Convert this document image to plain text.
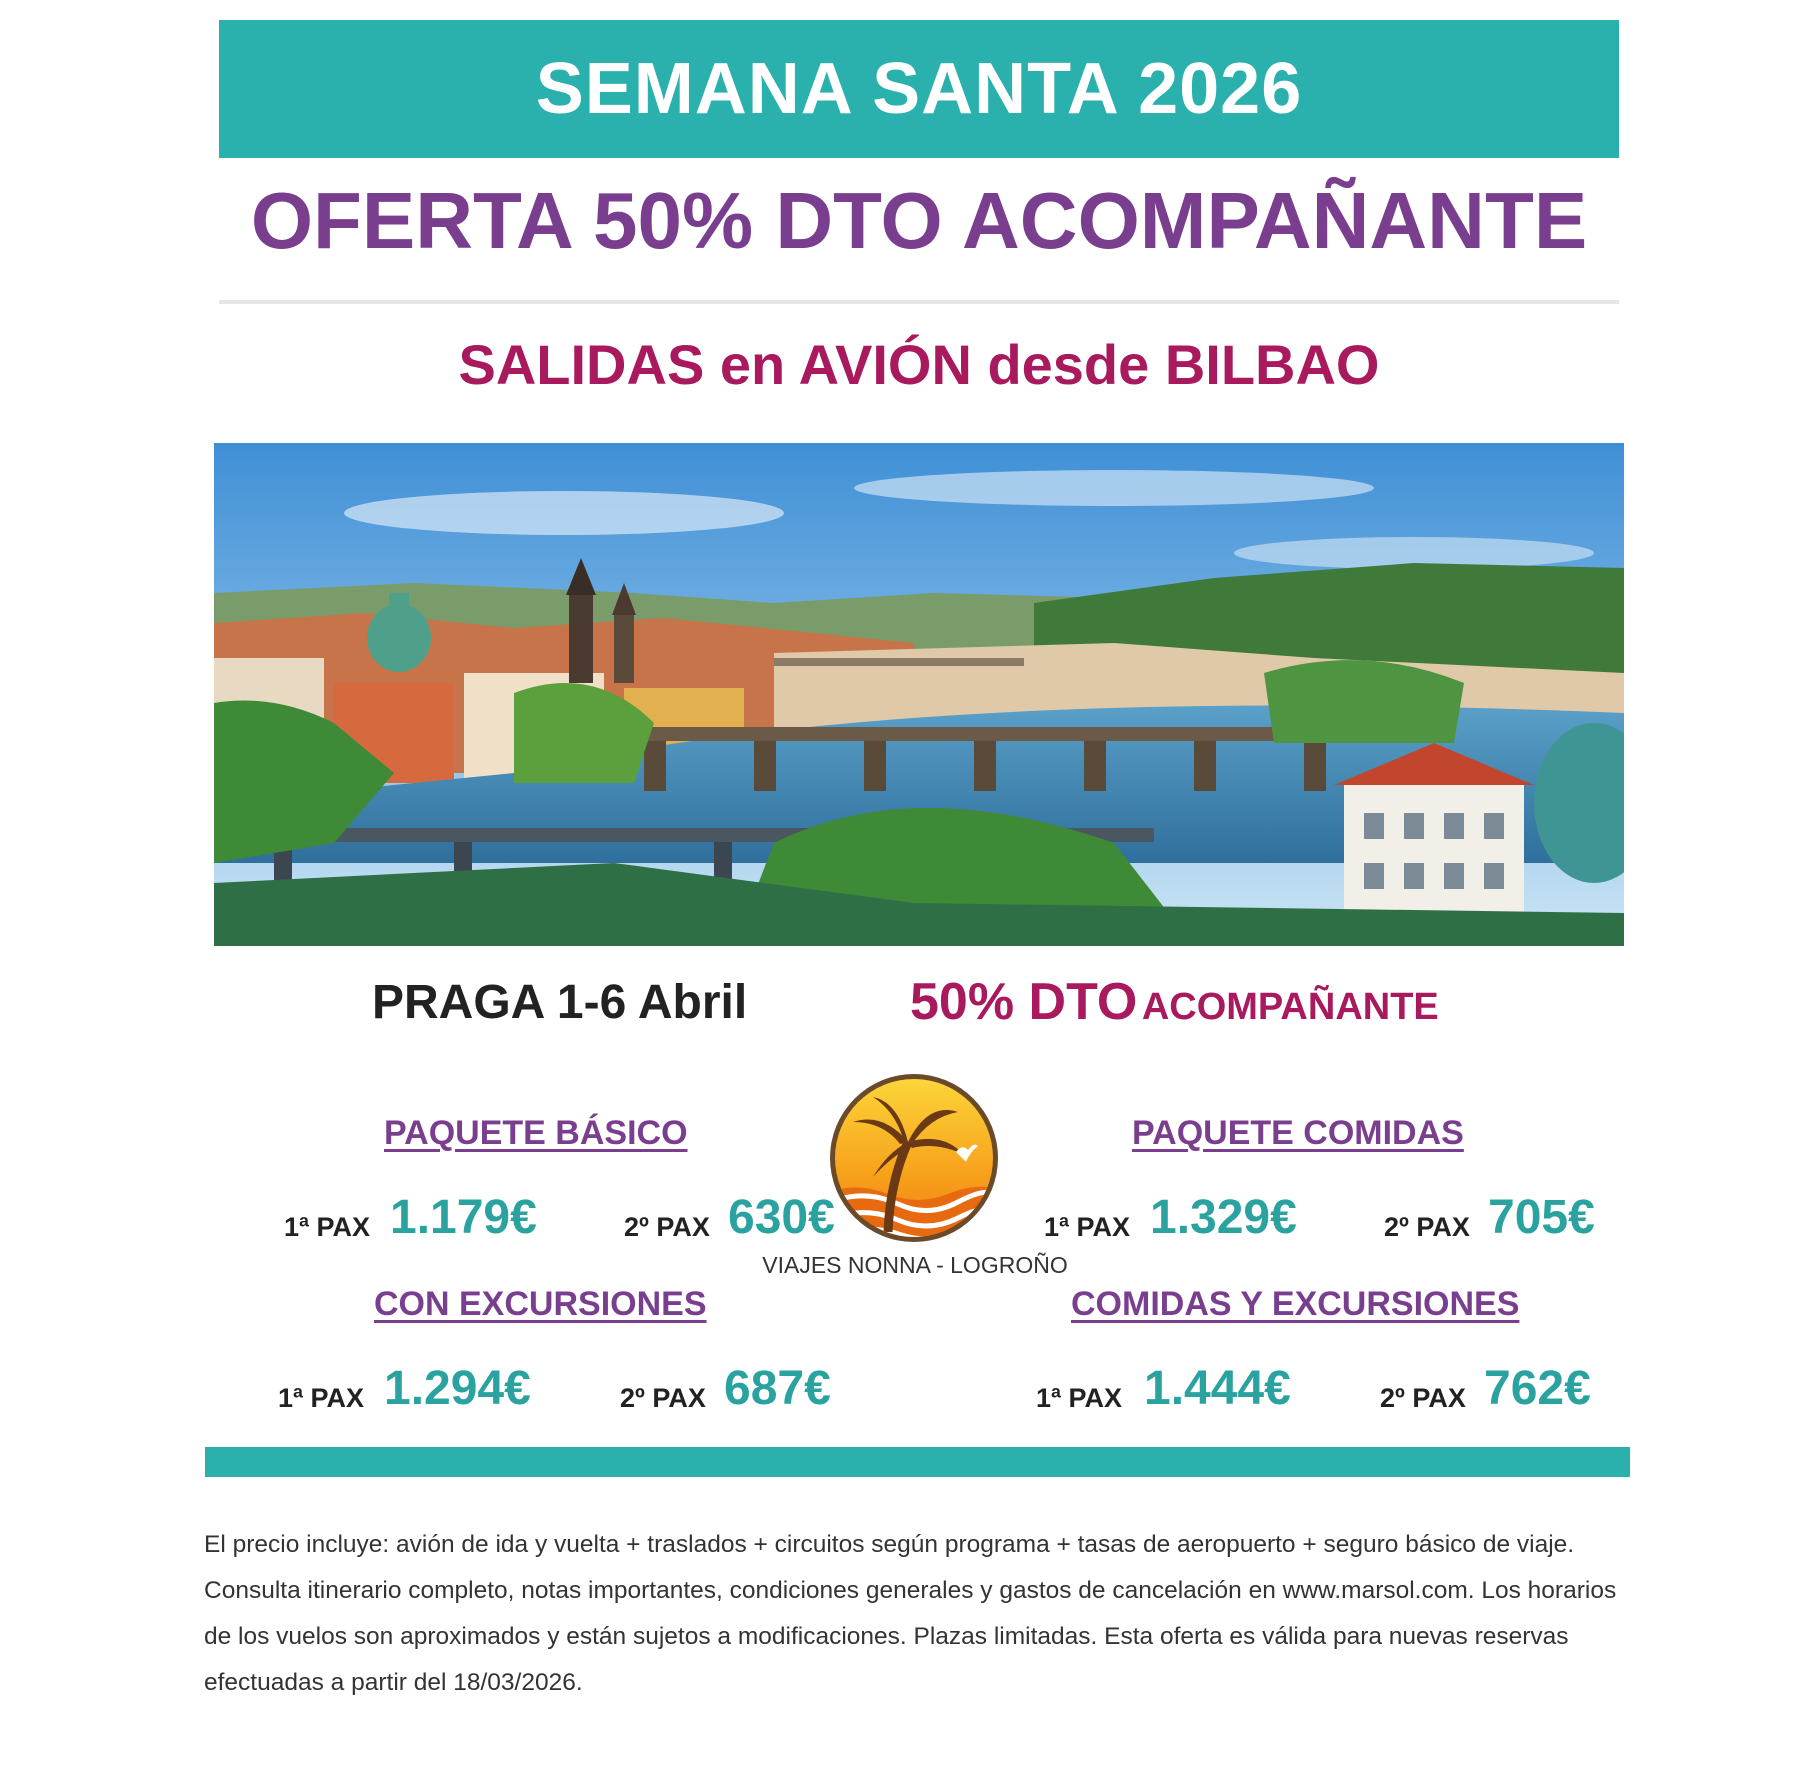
SEMANA SANTA 2026
OFERTA 50% DTO ACOMPAÑANTE
SALIDAS en AVIÓN desde BILBAO
PRAGA 1-6 Abril	50% DTO ACOMPAÑANTE
PAQUETE BÁSICO
1ª PAX 1.179€	2º PAX 630€
PAQUETE COMIDAS
1ª PAX 1.329€	2º PAX 705€
CON EXCURSIONES
1ª PAX 1.294€	2º PAX 687€
COMIDAS Y EXCURSIONES
1ª PAX 1.444€	2º PAX 762€
VIAJES NONNA - LOGROÑO
El precio incluye: avión de ida y vuelta + traslados + circuitos según programa + tasas de aeropuerto + seguro básico de viaje. Consulta itinerario completo, notas importantes, condiciones generales y gastos de cancelación en www.marsol.com. Los horarios de los vuelos son aproximados y están sujetos a modificaciones. Plazas limitadas. Esta oferta es válida para nuevas reservas efectuadas a partir del 18/03/2026.
